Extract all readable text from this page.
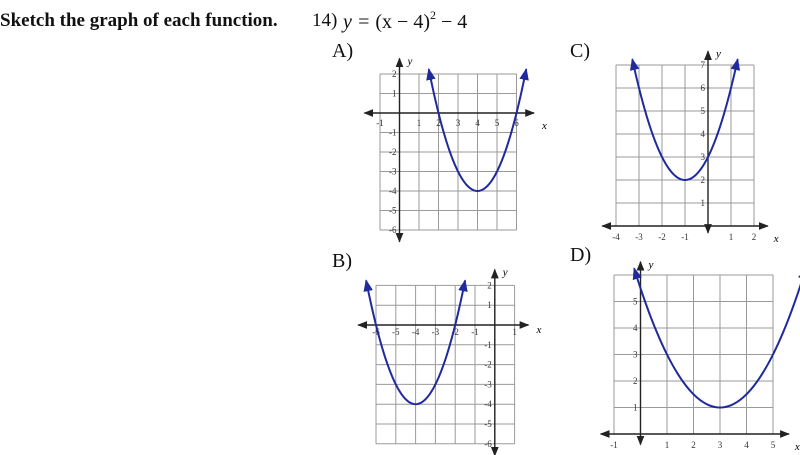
Sketch the graph of each function. 14) $y = (x - 4)^2 - 4$
A)	C)
B)	D)
-1	1 2 3 4 5 6
2
1
-1
-2
-3
-4
-5
-6
x
y
-6 -5 -4 -3 -2 -1	1
2
1
-1
-2
-3
-4
-5
-6
x
y
-4 -3 -2 -1	1 2
7
6
5
4
3
2
1
x
y
-1	1 2 3 4 5
6
5
4
3
2
1
x
y
